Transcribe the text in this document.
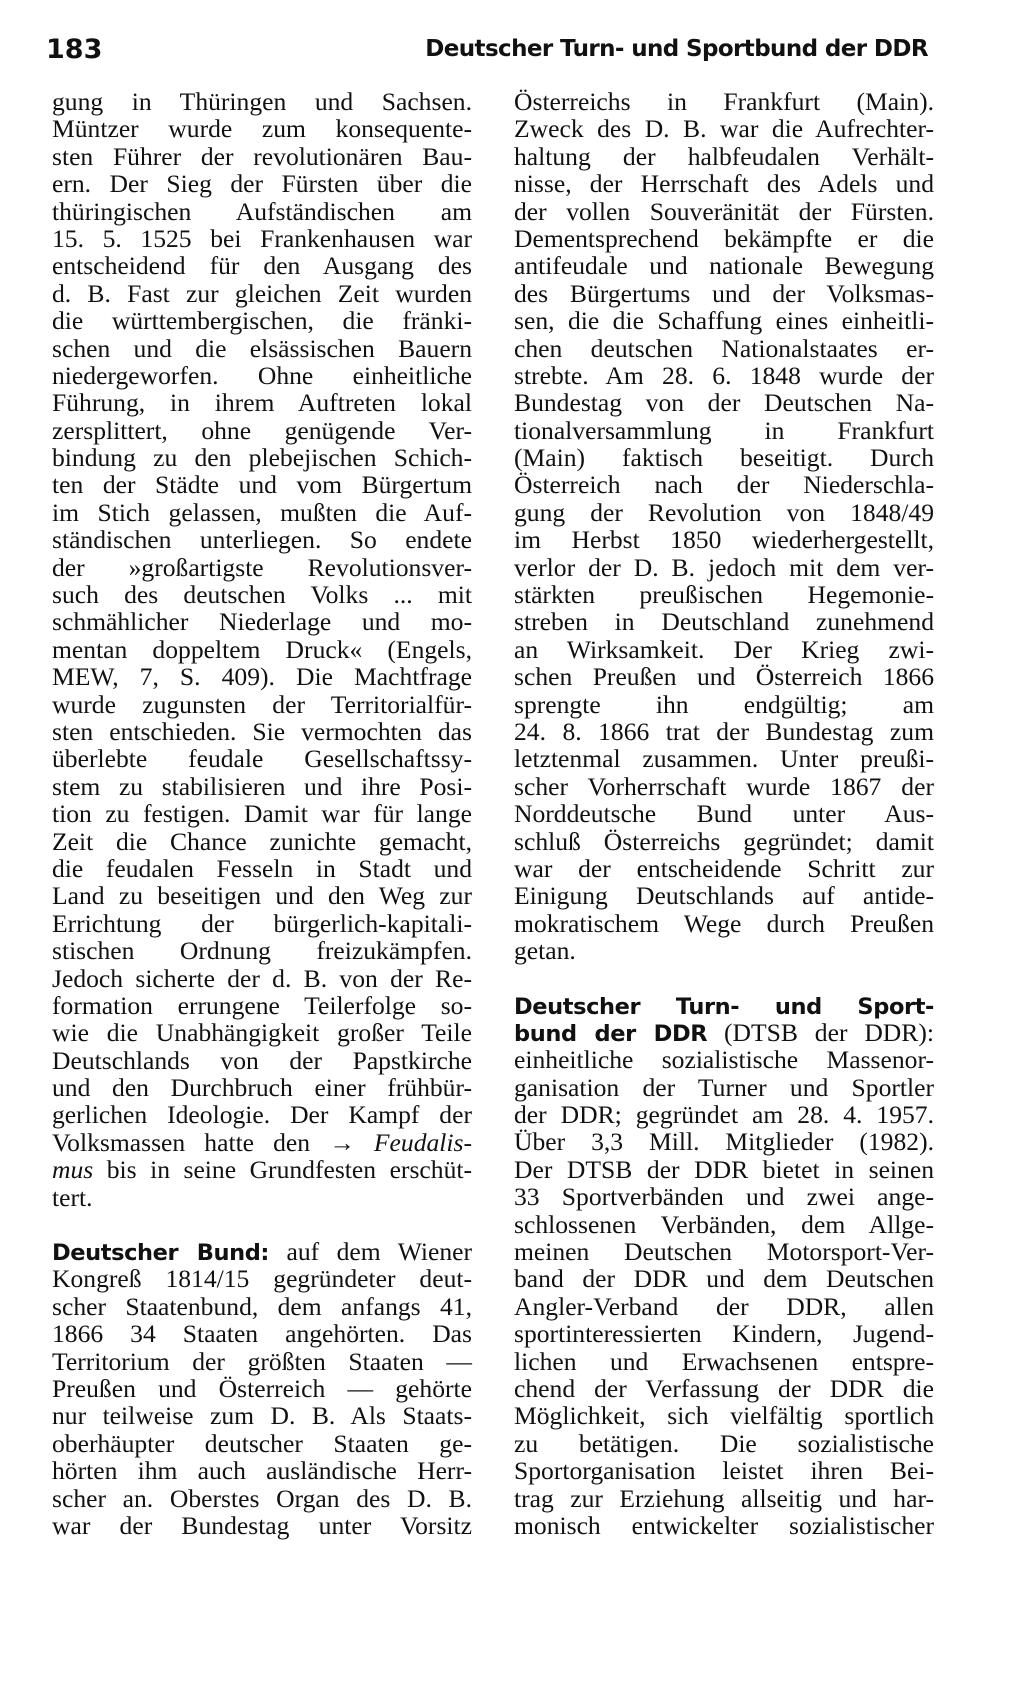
183	Deutscher Turn- und Sportbund der DDR
gung in Thüringen und Sachsen.
Müntzer wurde zum konsequente-
sten Führer der revolutionären Bau-
ern. Der Sieg der Fürsten über die
thüringischen Aufständischen am
15. 5. 1525 bei Frankenhausen war
entscheidend für den Ausgang des
d. B. Fast zur gleichen Zeit wurden
die württembergischen, die fränki-
schen und die elsässischen Bauern
niedergeworfen. Ohne einheitliche
Führung, in ihrem Auftreten lokal
zersplittert, ohne genügende Ver-
bindung zu den plebejischen Schich-
ten der Städte und vom Bürgertum
im Stich gelassen, mußten die Auf-
ständischen unterliegen. So endete
der »großartigste Revolutionsver-
such des deutschen Volks ... mit
schmählicher Niederlage und mo-
mentan doppeltem Druck« (Engels,
MEW, 7, S. 409). Die Machtfrage
wurde zugunsten der Territorialfür-
sten entschieden. Sie vermochten das
überlebte feudale Gesellschaftssy-
stem zu stabilisieren und ihre Posi-
tion zu festigen. Damit war für lange
Zeit die Chance zunichte gemacht,
die feudalen Fesseln in Stadt und
Land zu beseitigen und den Weg zur
Errichtung der bürgerlich-kapitali-
stischen Ordnung freizukämpfen.
Jedoch sicherte der d. B. von der Re-
formation errungene Teilerfolge so-
wie die Unabhängigkeit großer Teile
Deutschlands von der Papstkirche
und den Durchbruch einer frühbür-
gerlichen Ideologie. Der Kampf der
Volksmassen hatte den → Feudalis-
mus bis in seine Grundfesten erschüt-
tert.
Deutscher Bund: auf dem Wiener
Kongreß 1814/15 gegründeter deut-
scher Staatenbund, dem anfangs 41,
1866 34 Staaten angehörten. Das
Territorium der größten Staaten —
Preußen und Österreich — gehörte
nur teilweise zum D. B. Als Staats-
oberhäupter deutscher Staaten ge-
hörten ihm auch ausländische Herr-
scher an. Oberstes Organ des D. B.
war der Bundestag unter Vorsitz
Österreichs in Frankfurt (Main).
Zweck des D. B. war die Aufrechter-
haltung der halbfeudalen Verhält-
nisse, der Herrschaft des Adels und
der vollen Souveränität der Fürsten.
Dementsprechend bekämpfte er die
antifeudale und nationale Bewegung
des Bürgertums und der Volksmas-
sen, die die Schaffung eines einheitli-
chen deutschen Nationalstaates er-
strebte. Am 28. 6. 1848 wurde der
Bundestag von der Deutschen Na-
tionalversammlung in Frankfurt
(Main) faktisch beseitigt. Durch
Österreich nach der Niederschla-
gung der Revolution von 1848/49
im Herbst 1850 wiederhergestellt,
verlor der D. B. jedoch mit dem ver-
stärkten preußischen Hegemonie-
streben in Deutschland zunehmend
an Wirksamkeit. Der Krieg zwi-
schen Preußen und Österreich 1866
sprengte ihn endgültig; am
24. 8. 1866 trat der Bundestag zum
letztenmal zusammen. Unter preußi-
scher Vorherrschaft wurde 1867 der
Norddeutsche Bund unter Aus-
schluß Österreichs gegründet; damit
war der entscheidende Schritt zur
Einigung Deutschlands auf antide-
mokratischem Wege durch Preußen
getan.
Deutscher Turn- und Sport-
bund der DDR (DTSB der DDR):
einheitliche sozialistische Massenor-
ganisation der Turner und Sportler
der DDR; gegründet am 28. 4. 1957.
Über 3,3 Mill. Mitglieder (1982).
Der DTSB der DDR bietet in seinen
33 Sportverbänden und zwei ange-
schlossenen Verbänden, dem Allge-
meinen Deutschen Motorsport-Ver-
band der DDR und dem Deutschen
Angler-Verband der DDR, allen
sportinteressierten Kindern, Jugend-
lichen und Erwachsenen entspre-
chend der Verfassung der DDR die
Möglichkeit, sich vielfältig sportlich
zu betätigen. Die sozialistische
Sportorganisation leistet ihren Bei-
trag zur Erziehung allseitig und har-
monisch entwickelter sozialistischer
